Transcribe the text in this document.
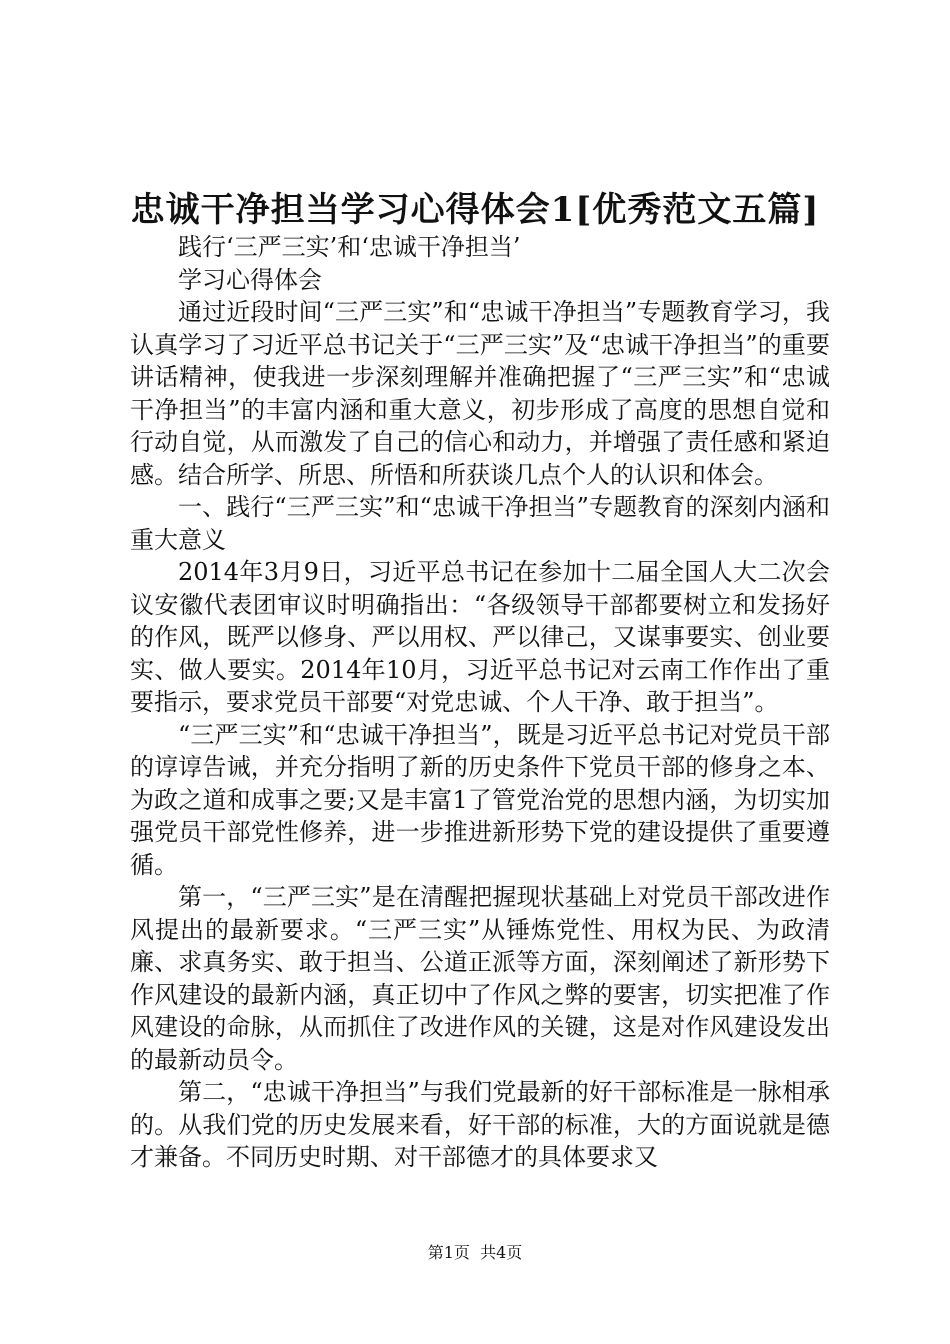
忠诚干净担当学习心得体会1[优秀范文五篇]

践行‘三严三实’和‘忠诚干净担当’

学习心得体会

通过近段时间“三严三实”和“忠诚干净担当”专题教育学习，我认真学习了习近平总书记关于“三严三实”及“忠诚干净担当”的重要讲话精神，使我进一步深刻理解并准确把握了“三严三实”和“忠诚干净担当”的丰富内涵和重大意义，初步形成了高度的思想自觉和行动自觉，从而激发了自己的信心和动力，并增强了责任感和紧迫感。结合所学、所思、所悟和所获谈几点个人的认识和体会。

一、践行“三严三实”和“忠诚干净担当”专题教育的深刻内涵和重大意义

2014年3月9日，习近平总书记在参加十二届全国人大二次会议安徽代表团审议时明确指出：“各级领导干部都要树立和发扬好的作风，既严以修身、严以用权、严以律己，又谋事要实、创业要实、做人要实。2014年10月，习近平总书记对云南工作作出了重要指示，要求党员干部要“对党忠诚、个人干净、敢于担当”。

“三严三实”和“忠诚干净担当”，既是习近平总书记对党员干部的谆谆告诫，并充分指明了新的历史条件下党员干部的修身之本、为政之道和成事之要;又是丰富1了管党治党的思想内涵，为切实加强党员干部党性修养，进一步推进新形势下党的建设提供了重要遵循。

第一，“三严三实”是在清醒把握现状基础上对党员干部改进作风提出的最新要求。“三严三实”从锤炼党性、用权为民、为政清廉、求真务实、敢于担当、公道正派等方面，深刻阐述了新形势下作风建设的最新内涵，真正切中了作风之弊的要害，切实把准了作风建设的命脉，从而抓住了改进作风的关键，这是对作风建设发出的最新动员令。

第二，“忠诚干净担当”与我们党最新的好干部标准是一脉相承的。从我们党的历史发展来看，好干部的标准，大的方面说就是德才兼备。不同历史时期、对干部德才的具体要求又

第1页  共4页
